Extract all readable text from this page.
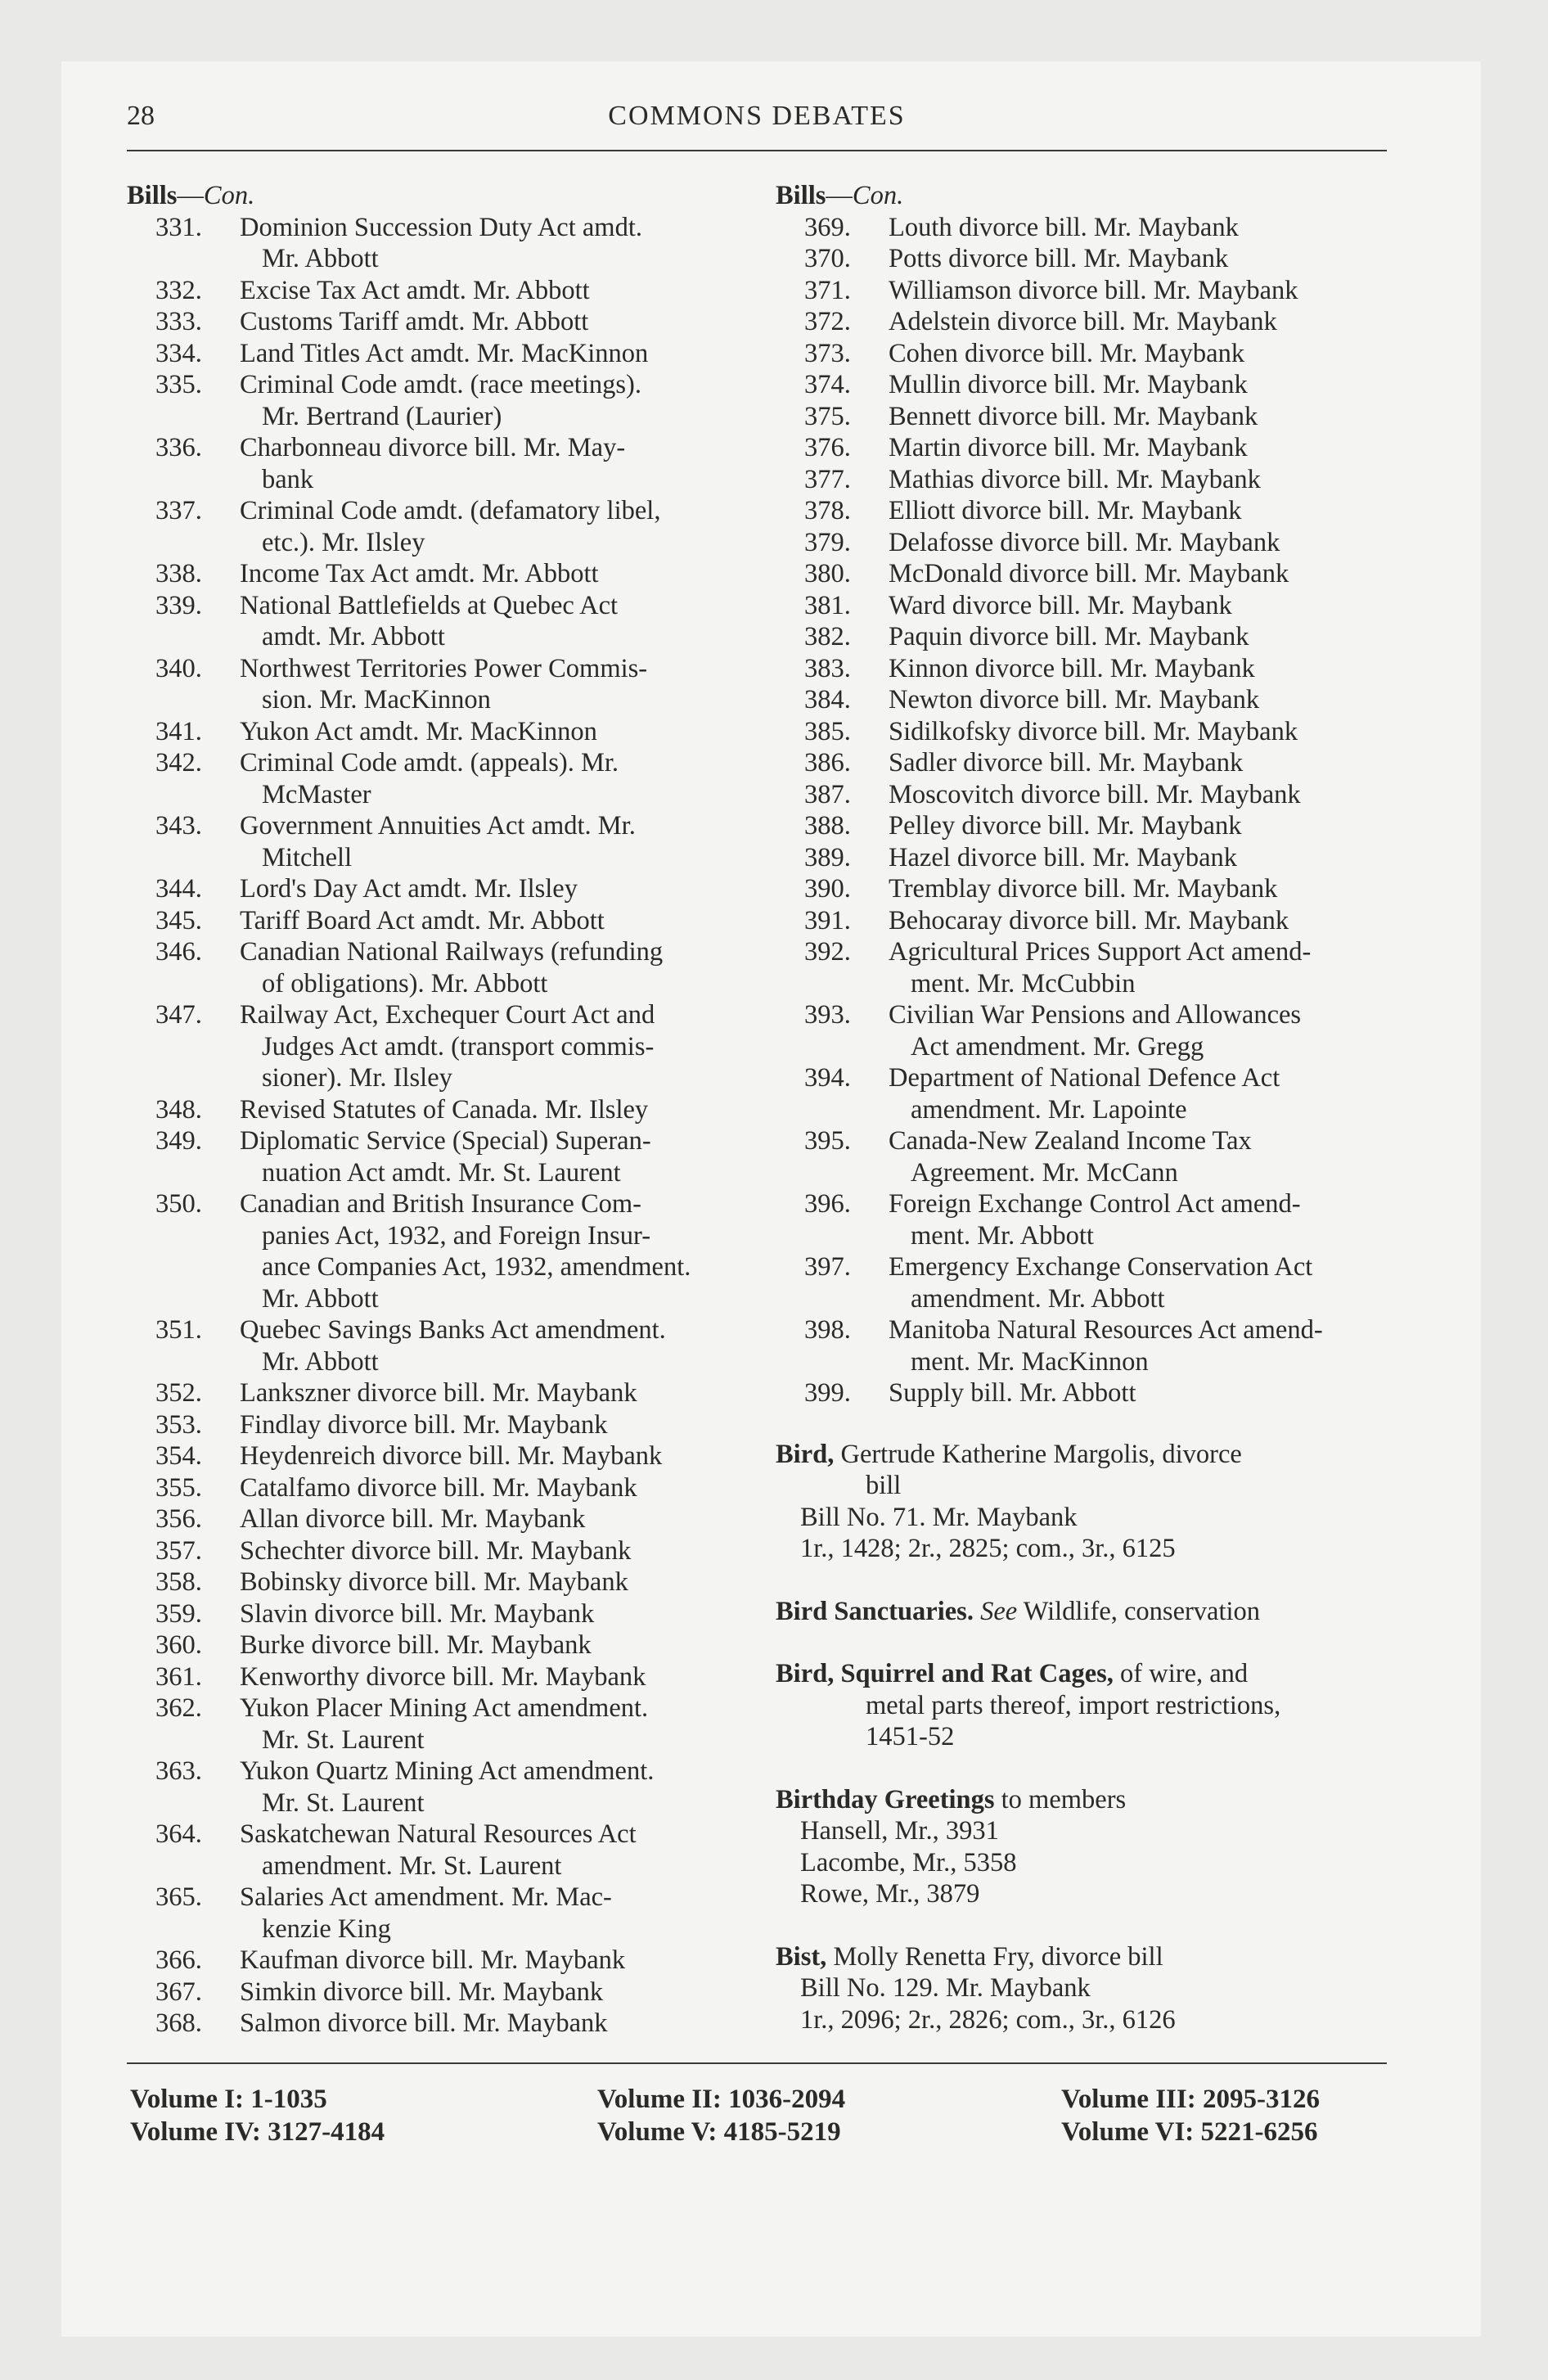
28	COMMONS DEBATES
Bills—Con.
331. Dominion Succession Duty Act amdt.
Mr. Abbott
332. Excise Tax Act amdt. Mr. Abbott
333. Customs Tariff amdt. Mr. Abbott
334. Land Titles Act amdt. Mr. MacKinnon
335. Criminal Code amdt. (race meetings).
Mr. Bertrand (Laurier)
336. Charbonneau divorce bill. Mr. May-
bank
337. Criminal Code amdt. (defamatory libel,
etc.). Mr. Ilsley
338. Income Tax Act amdt. Mr. Abbott
339. National Battlefields at Quebec Act
amdt. Mr. Abbott
340. Northwest Territories Power Commis-
sion. Mr. MacKinnon
341. Yukon Act amdt. Mr. MacKinnon
342. Criminal Code amdt. (appeals). Mr.
McMaster
343. Government Annuities Act amdt. Mr.
Mitchell
344. Lord's Day Act amdt. Mr. Ilsley
345. Tariff Board Act amdt. Mr. Abbott
346. Canadian National Railways (refunding
of obligations). Mr. Abbott
347. Railway Act, Exchequer Court Act and
Judges Act amdt. (transport commis-
sioner). Mr. Ilsley
348. Revised Statutes of Canada. Mr. Ilsley
349. Diplomatic Service (Special) Superan-
nuation Act amdt. Mr. St. Laurent
350. Canadian and British Insurance Com-
panies Act, 1932, and Foreign Insur-
ance Companies Act, 1932, amendment.
Mr. Abbott
351. Quebec Savings Banks Act amendment.
Mr. Abbott
352. Lankszner divorce bill. Mr. Maybank
353. Findlay divorce bill. Mr. Maybank
354. Heydenreich divorce bill. Mr. Maybank
355. Catalfamo divorce bill. Mr. Maybank
356. Allan divorce bill. Mr. Maybank
357. Schechter divorce bill. Mr. Maybank
358. Bobinsky divorce bill. Mr. Maybank
359. Slavin divorce bill. Mr. Maybank
360. Burke divorce bill. Mr. Maybank
361. Kenworthy divorce bill. Mr. Maybank
362. Yukon Placer Mining Act amendment.
Mr. St. Laurent
363. Yukon Quartz Mining Act amendment.
Mr. St. Laurent
364. Saskatchewan Natural Resources Act
amendment. Mr. St. Laurent
365. Salaries Act amendment. Mr. Mac-
kenzie King
366. Kaufman divorce bill. Mr. Maybank
367. Simkin divorce bill. Mr. Maybank
368. Salmon divorce bill. Mr. Maybank
Bills—Con.
369. Louth divorce bill. Mr. Maybank
370. Potts divorce bill. Mr. Maybank
371. Williamson divorce bill. Mr. Maybank
372. Adelstein divorce bill. Mr. Maybank
373. Cohen divorce bill. Mr. Maybank
374. Mullin divorce bill. Mr. Maybank
375. Bennett divorce bill. Mr. Maybank
376. Martin divorce bill. Mr. Maybank
377. Mathias divorce bill. Mr. Maybank
378. Elliott divorce bill. Mr. Maybank
379. Delafosse divorce bill. Mr. Maybank
380. McDonald divorce bill. Mr. Maybank
381. Ward divorce bill. Mr. Maybank
382. Paquin divorce bill. Mr. Maybank
383. Kinnon divorce bill. Mr. Maybank
384. Newton divorce bill. Mr. Maybank
385. Sidilkofsky divorce bill. Mr. Maybank
386. Sadler divorce bill. Mr. Maybank
387. Moscovitch divorce bill. Mr. Maybank
388. Pelley divorce bill. Mr. Maybank
389. Hazel divorce bill. Mr. Maybank
390. Tremblay divorce bill. Mr. Maybank
391. Behocaray divorce bill. Mr. Maybank
392. Agricultural Prices Support Act amend-
ment. Mr. McCubbin
393. Civilian War Pensions and Allowances
Act amendment. Mr. Gregg
394. Department of National Defence Act
amendment. Mr. Lapointe
395. Canada-New Zealand Income Tax
Agreement. Mr. McCann
396. Foreign Exchange Control Act amend-
ment. Mr. Abbott
397. Emergency Exchange Conservation Act
amendment. Mr. Abbott
398. Manitoba Natural Resources Act amend-
ment. Mr. MacKinnon
399. Supply bill. Mr. Abbott
Bird, Gertrude Katherine Margolis, divorce
bill
Bill No. 71. Mr. Maybank
1r., 1428; 2r., 2825; com., 3r., 6125
Bird Sanctuaries. See Wildlife, conservation
Bird, Squirrel and Rat Cages, of wire, and
metal parts thereof, import restrictions,
1451-52
Birthday Greetings to members
Hansell, Mr., 3931
Lacombe, Mr., 5358
Rowe, Mr., 3879
Bist, Molly Renetta Fry, divorce bill
Bill No. 129. Mr. Maybank
1r., 2096; 2r., 2826; com., 3r., 6126
Volume I: 1-1035
Volume IV: 3127-4184
Volume II: 1036-2094
Volume V: 4185-5219
Volume III: 2095-3126
Volume VI: 5221-6256
